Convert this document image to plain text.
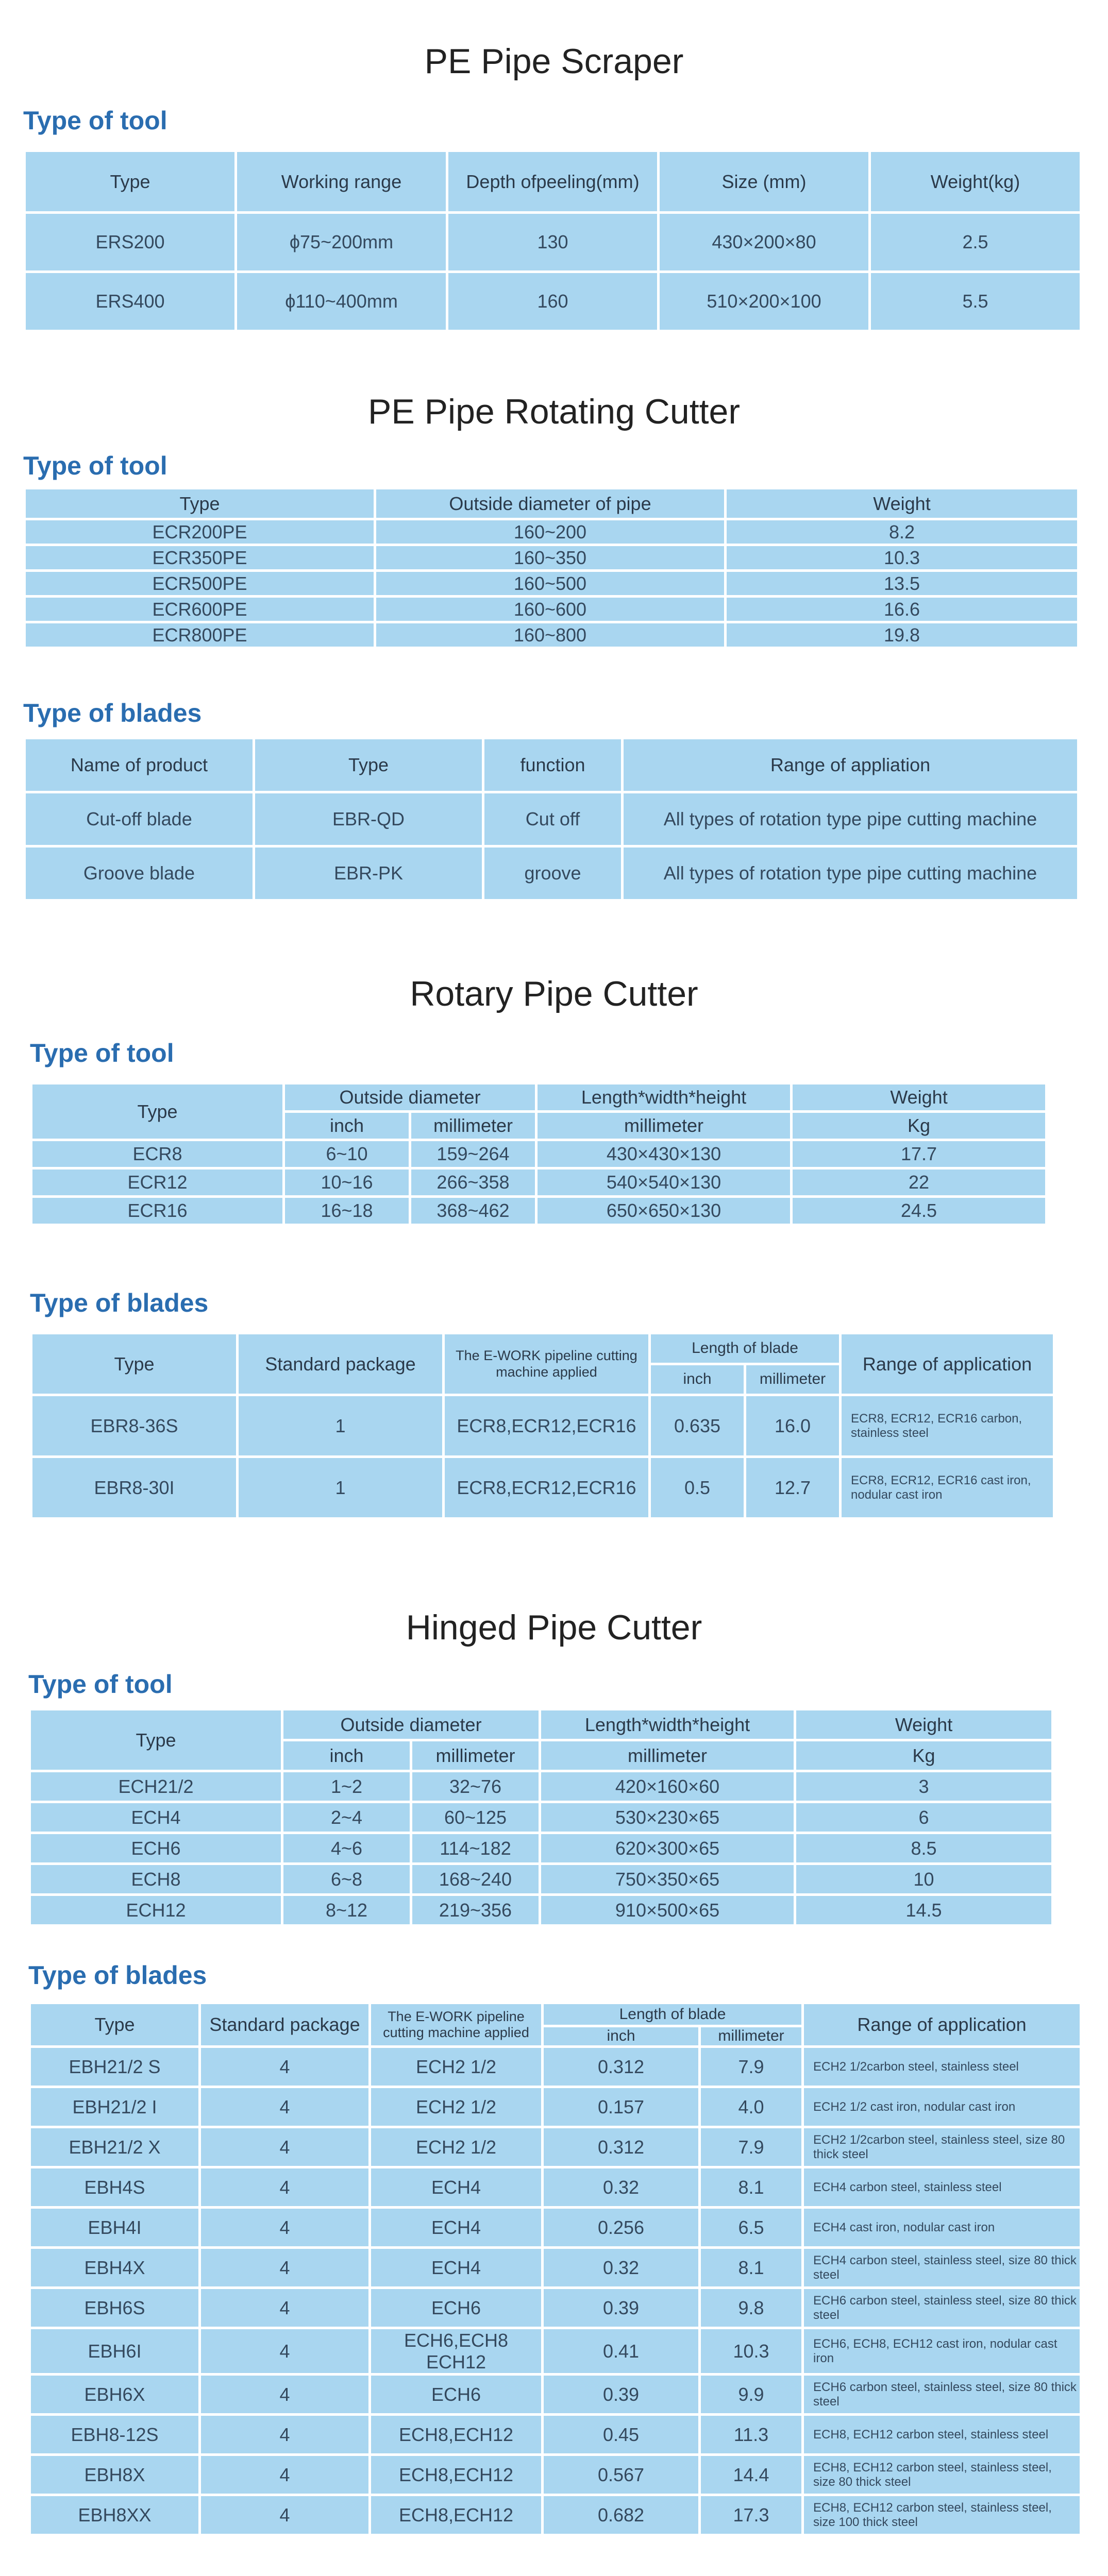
PE Pipe Scraper
Type of tool
Type	Working range	Depth ofpeeling(mm)	Size (mm)	Weight(kg)
ERS200	ϕ75~200mm	130	430×200×80	2.5
ERS400	ϕ110~400mm	160	510×200×100	5.5
PE Pipe Rotating Cutter
Type of tool
Type	Outside diameter of pipe	Weight
ECR200PE	160~200	8.2
ECR350PE	160~350	10.3
ECR500PE	160~500	13.5
ECR600PE	160~600	16.6
ECR800PE	160~800	19.8
Type of blades
Name of product	Type	function	Range of appliation
Cut-off blade	EBR-QD	Cut off	All types of rotation type pipe cutting machine
Groove blade	EBR-PK	groove	All types of rotation type pipe cutting machine
Rotary Pipe Cutter
Type of tool
Type	Outside diameter		Length*width*height	Weight
	inch	millimeter	millimeter	Kg
ECR8	6~10	159~264	430×430×130	17.7
ECR12	10~16	266~358	540×540×130	22
ECR16	16~18	368~462	650×650×130	24.5
Type of blades
Type	Standard package	The E-WORK pipeline cutting machine applied	Length of blade		Range of application
			inch	millimeter	
EBR8-36S	1	ECR8,ECR12,ECR16	0.635	16.0	ECR8, ECR12, ECR16 carbon, stainless steel
EBR8-30I	1	ECR8,ECR12,ECR16	0.5	12.7	ECR8, ECR12, ECR16 cast iron, nodular cast iron
Hinged Pipe Cutter
Type of tool
Type	Outside diameter		Length*width*height	Weight
	inch	millimeter	millimeter	Kg
ECH21/2	1~2	32~76	420×160×60	3
ECH4	2~4	60~125	530×230×65	6
ECH6	4~6	114~182	620×300×65	8.5
ECH8	6~8	168~240	750×350×65	10
ECH12	8~12	219~356	910×500×65	14.5
Type of blades
Type	Standard package	The E-WORK pipeline cutting machine applied	Length of blade		Range of application
			inch	millimeter	
EBH21/2 S	4	ECH2 1/2	0.312	7.9	ECH2 1/2carbon steel, stainless steel
EBH21/2 I	4	ECH2 1/2	0.157	4.0	ECH2 1/2 cast iron, nodular cast iron
EBH21/2 X	4	ECH2 1/2	0.312	7.9	ECH2 1/2carbon steel, stainless steel, size 80 thick steel
EBH4S	4	ECH4	0.32	8.1	ECH4 carbon steel, stainless steel
EBH4I	4	ECH4	0.256	6.5	ECH4 cast iron, nodular cast iron
EBH4X	4	ECH4	0.32	8.1	ECH4 carbon steel, stainless steel, size 80 thick steel
EBH6S	4	ECH6	0.39	9.8	ECH6 carbon steel, stainless steel, size 80 thick steel
EBH6I	4	ECH6,ECH8 ECH12	0.41	10.3	ECH6, ECH8, ECH12 cast iron, nodular cast iron
EBH6X	4	ECH6	0.39	9.9	ECH6 carbon steel, stainless steel, size 80 thick steel
EBH8-12S	4	ECH8,ECH12	0.45	11.3	ECH8, ECH12 carbon steel, stainless steel
EBH8X	4	ECH8,ECH12	0.567	14.4	ECH8, ECH12 carbon steel, stainless steel, size 80 thick steel
EBH8XX	4	ECH8,ECH12	0.682	17.3	ECH8, ECH12 carbon steel, stainless steel, size 100 thick steel
